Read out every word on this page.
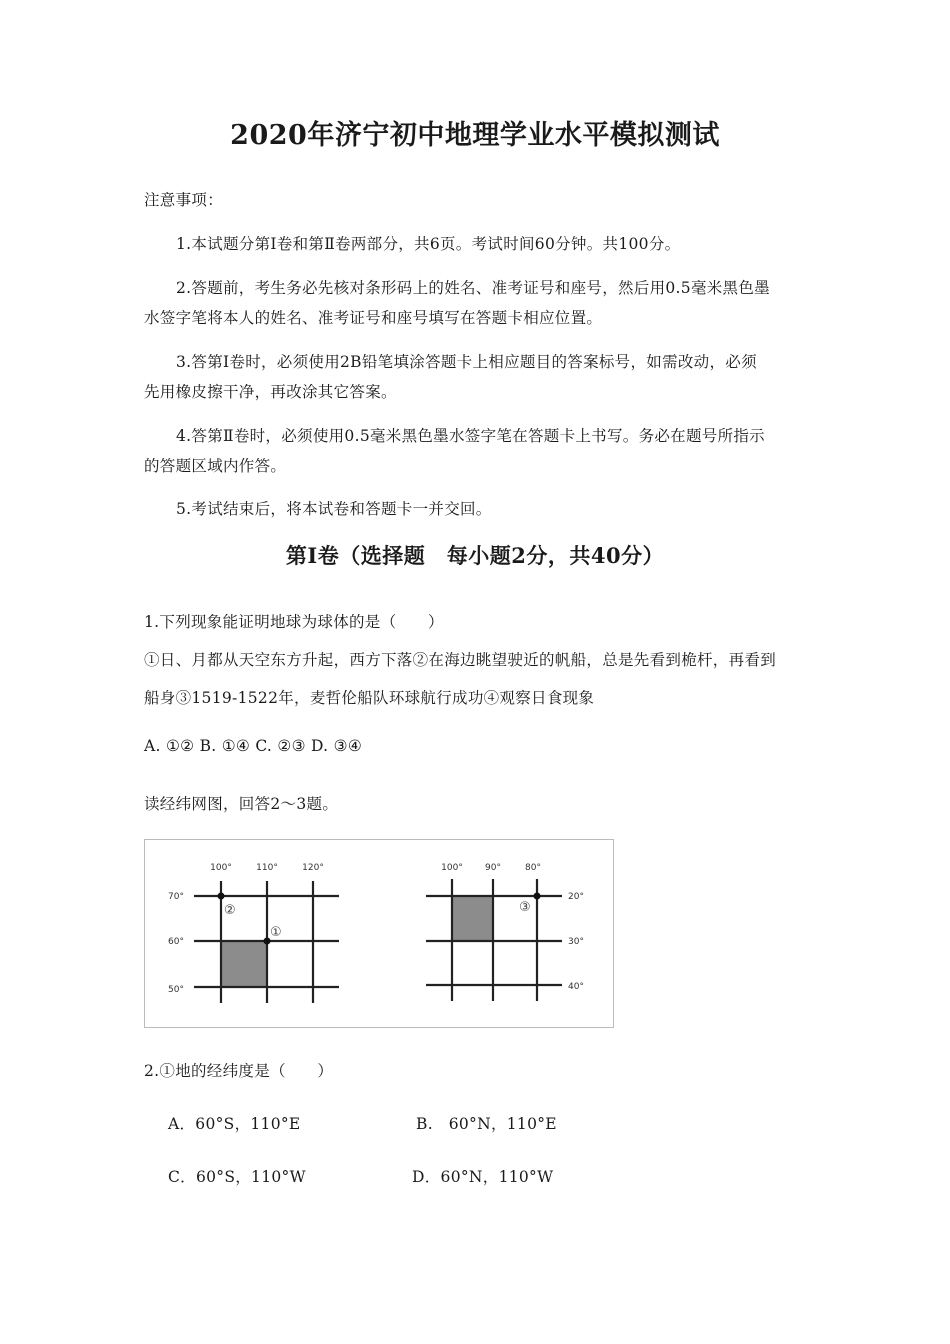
2020年济宁初中地理学业水平模拟测试

注意事项：

1.本试题分第Ⅰ卷和第Ⅱ卷两部分，共6页。考试时间60分钟。共100分。

2.答题前，考生务必先核对条形码上的姓名、准考证号和座号，然后用0.5毫米黑色墨

水签字笔将本人的姓名、准考证号和座号填写在答题卡相应位置。

3.答第Ⅰ卷时，必须使用2B铅笔填涂答题卡上相应题目的答案标号，如需改动，必须

先用橡皮擦干净，再改涂其它答案。

4.答第Ⅱ卷时，必须使用0.5毫米黑色墨水签字笔在答题卡上书写。务必在题号所指示

的答题区域内作答。

5.考试结束后，将本试卷和答题卡一并交回。

第Ⅰ卷（选择题　每小题2分，共40分）

1.下列现象能证明地球为球体的是（　　）

①日、月都从天空东方升起，西方下落②在海边眺望驶近的帆船，总是先看到桅杆，再看到

船身③1519-1522年，麦哲伦船队环球航行成功④观察日食现象

A. ①② B. ①④ C. ②③ D. ③④

读经纬网图，回答2～3题。

100°	110°	120°
70°
60°
50°
②
①
100° 90°	80°
20°
30°
40°
③

2.①地的经纬度是（　　）

A．60°S，110°E	B.　60°N，110°E

C．60°S，110°W	D．60°N，110°W
